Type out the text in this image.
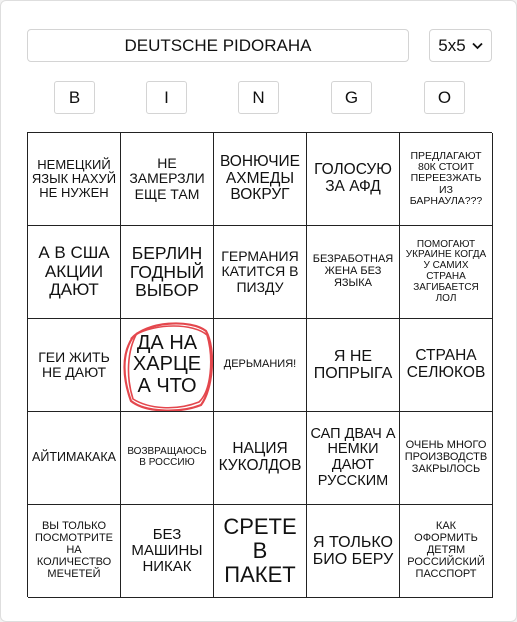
DEUTSCHE PIDORAHA
5x5
B	I	N	G	O
НЕМЕЦКИЙ ЯЗЫК НАХУЙ НЕ НУЖЕН
НЕ ЗАМЕРЗЛИ ЕЩЕ ТАМ
ВОНЮЧИЕ АХМЕДЫ ВОКРУГ
ГОЛОСУЮ ЗА АФД
ПРЕДЛАГАЮТ 80К СТОИТ ПЕРЕЕЗЖАТЬ ИЗ БАРНАУЛА???
А В США АКЦИИ ДАЮТ
БЕРЛИН ГОДНЫЙ ВЫБОР
ГЕРМАНИЯ КАТИТСЯ В ПИЗДУ
БЕЗРАБОТНАЯ ЖЕНА БЕЗ ЯЗЫКА
ПОМОГАЮТ УКРАИНЕ КОГДА У САМИХ СТРАНА ЗАГИБАЕТСЯ ЛОЛ
ГЕИ ЖИТЬ НЕ ДАЮТ
ДА НА ХАРЦЕ А ЧТО
ДЕРЬМАНИЯ!	Я НЕ ПОПРЫГА
СТРАНА СЕЛЮКОВ
АЙТИМАКАКА	ВОЗВРАЩАЮСЬ В РОССИЮ
НАЦИЯ КУКОЛДОВ
САП ДВАЧ А НЕМКИ ДАЮТ РУССКИМ
ОЧЕНЬ МНОГО ПРОИЗВОДСТВ ЗАКРЫЛОСЬ
ВЫ ТОЛЬКО ПОСМОТРИТЕ НА КОЛИЧЕСТВО МЕЧЕТЕЙ
БЕЗ МАШИНЫ НИКАК
СРЕТЕ В ПАКЕТ
Я ТОЛЬКО БИО БЕРУ
КАК ОФОРМИТЬ ДЕТЯМ РОССИЙСКИЙ ПАССПОРТ
